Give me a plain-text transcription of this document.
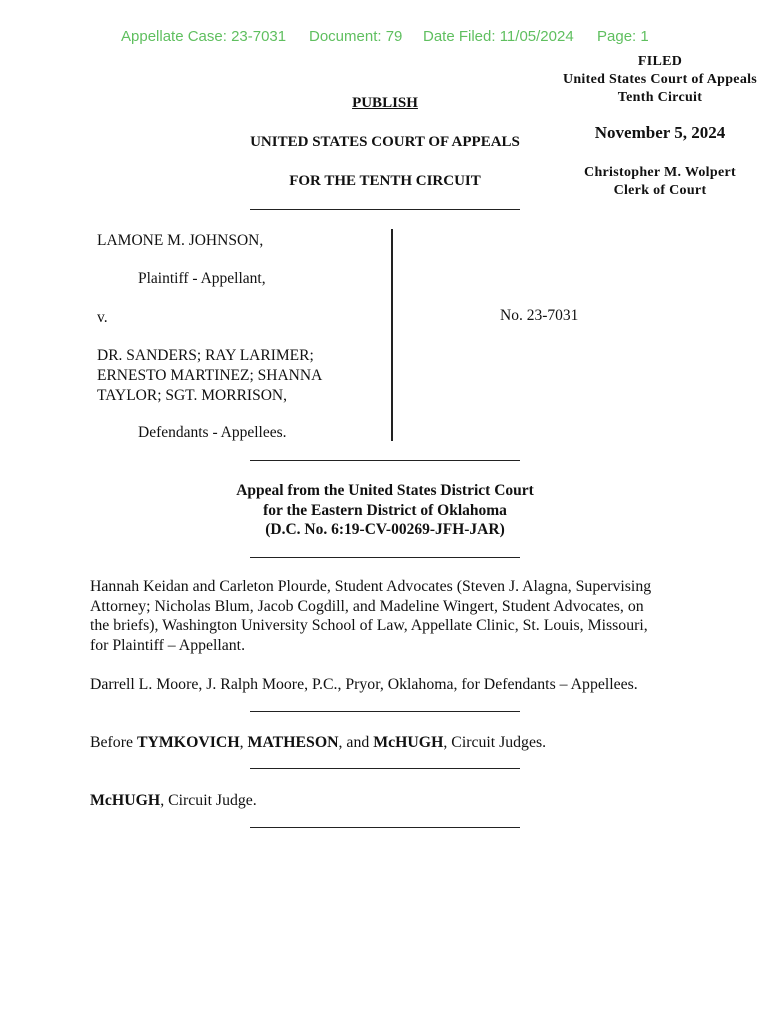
Appellate Case: 23-7031 Document: 79 Date Filed: 11/05/2024 Page: 1
FILED
United States Court of Appeals
Tenth Circuit
November 5, 2024
Christopher M. Wolpert
Clerk of Court
PUBLISH
UNITED STATES COURT OF APPEALS
FOR THE TENTH CIRCUIT
LAMONE M. JOHNSON,
Plaintiff - Appellant,
v.
DR. SANDERS; RAY LARIMER;
ERNESTO MARTINEZ; SHANNA
TAYLOR; SGT. MORRISON,
Defendants - Appellees.
No. 23-7031
Appeal from the United States District Court
for the Eastern District of Oklahoma
(D.C. No. 6:19-CV-00269-JFH-JAR)
Hannah Keidan and Carleton Plourde, Student Advocates (Steven J. Alagna, Supervising
Attorney; Nicholas Blum, Jacob Cogdill, and Madeline Wingert, Student Advocates, on
the briefs), Washington University School of Law, Appellate Clinic, St. Louis, Missouri,
for Plaintiff – Appellant.
Darrell L. Moore, J. Ralph Moore, P.C., Pryor, Oklahoma, for Defendants – Appellees.
Before TYMKOVICH, MATHESON, and McHUGH, Circuit Judges.
McHUGH, Circuit Judge.
